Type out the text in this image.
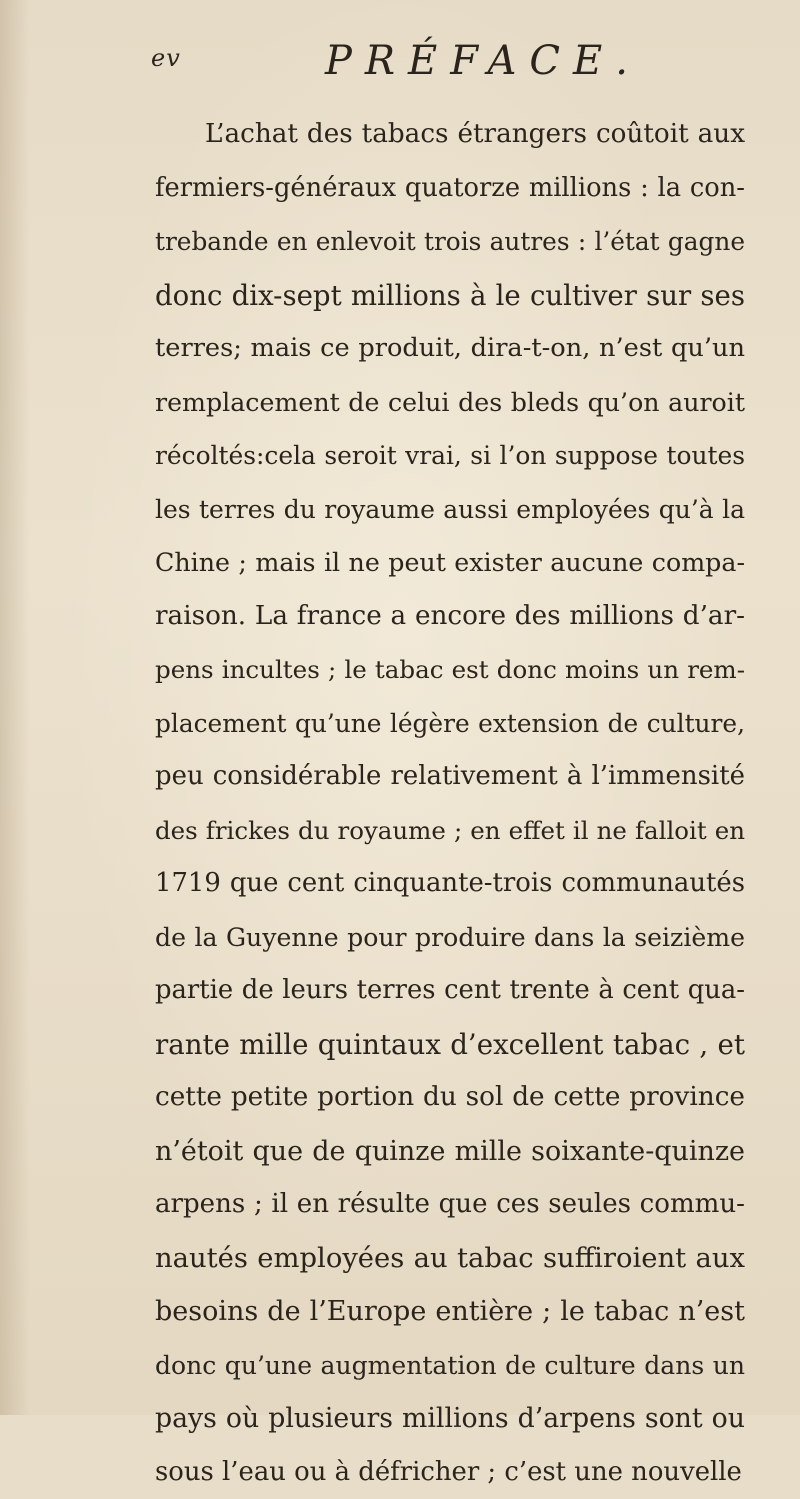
ev	PRÉFACE.
L’achat des tabacs étrangers coûtoit aux
fermiers-généraux quatorze millions : la con-
trebande en enlevoit trois autres : l’état gagne
donc dix-sept millions à le cultiver sur ses
terres; mais ce produit, dira-t-on, n’est qu’un
remplacement de celui des bleds qu’on auroit
récoltés:cela seroit vrai, si l’on suppose toutes
les terres du royaume aussi employées qu’à la
Chine ; mais il ne peut exister aucune compa-
raison. La france a encore des millions d’ar-
pens incultes ; le tabac est donc moins un rem-
placement qu’une légère extension de culture,
peu considérable relativement à l’immensité
des frickes du royaume ; en effet il ne falloit en
1719 que cent cinquante-trois communautés
de la Guyenne pour produire dans la seizième
partie de leurs terres cent trente à cent qua-
rante mille quintaux d’excellent tabac , et
cette petite portion du sol de cette province
n’étoit que de quinze mille soixante-quinze
arpens ; il en résulte que ces seules commu-
nautés employées au tabac suffiroient aux
besoins de l’Europe entière ; le tabac n’est
donc qu’une augmentation de culture dans un
pays où plusieurs millions d’arpens sont ou
sous l’eau ou à défricher ; c’est une nouvelle
